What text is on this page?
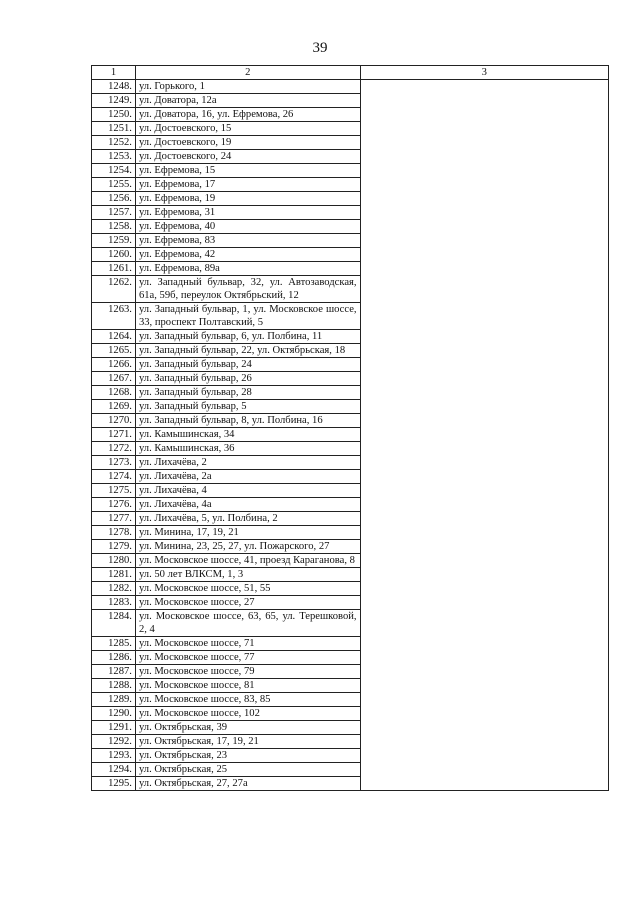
39
1	2	3
1248.	ул. Горького, 1	
1249.	ул. Доватора, 12а	
1250.	ул. Доватора, 16, ул. Ефремова, 26	
1251.	ул. Достоевского, 15	
1252.	ул. Достоевского, 19	
1253.	ул. Достоевского, 24	
1254.	ул. Ефремова, 15	
1255.	ул. Ефремова, 17	
1256.	ул. Ефремова, 19	
1257.	ул. Ефремова, 31	
1258.	ул. Ефремова, 40	
1259.	ул. Ефремова, 83	
1260.	ул. Ефремова, 42	
1261.	ул. Ефремова, 89а	
1262.	ул. Западный бульвар, 32, ул. Автозаводская, 61а, 59б, переулок Октябрьский, 12	
1263.	ул. Западный бульвар, 1, ул. Московское шоссе, 33, проспект Полтавский, 5	
1264.	ул. Западный бульвар, 6, ул. Полбина, 11	
1265.	ул. Западный бульвар, 22, ул. Октябрьская, 18	
1266.	ул. Западный бульвар, 24	
1267.	ул. Западный бульвар, 26	
1268.	ул. Западный бульвар, 28	
1269.	ул. Западный бульвар, 5	
1270.	ул. Западный бульвар, 8, ул. Полбина, 16	
1271.	ул. Камышинская, 34	
1272.	ул. Камышинская, 36	
1273.	ул. Лихачёва, 2	
1274.	ул. Лихачёва, 2а	
1275.	ул. Лихачёва, 4	
1276.	ул. Лихачёва, 4а	
1277.	ул. Лихачёва, 5, ул. Полбина, 2	
1278.	ул. Минина, 17, 19, 21	
1279.	ул. Минина, 23, 25, 27, ул. Пожарского, 27	
1280.	ул. Московское шоссе, 41, проезд Караганова, 8	
1281.	ул. 50 лет ВЛКСМ, 1, 3	
1282.	ул. Московское шоссе, 51, 55	
1283.	ул. Московское шоссе, 27	
1284.	ул. Московское шоссе, 63, 65, ул. Терешковой, 2, 4	
1285.	ул. Московское шоссе, 71	
1286.	ул. Московское шоссе, 77	
1287.	ул. Московское шоссе, 79	
1288.	ул. Московское шоссе, 81	
1289.	ул. Московское шоссе, 83, 85	
1290.	ул. Московское шоссе, 102	
1291.	ул. Октябрьская, 39	
1292.	ул. Октябрьская, 17, 19, 21	
1293.	ул. Октябрьская, 23	
1294.	ул. Октябрьская, 25	
1295.	ул. Октябрьская, 27, 27а	
